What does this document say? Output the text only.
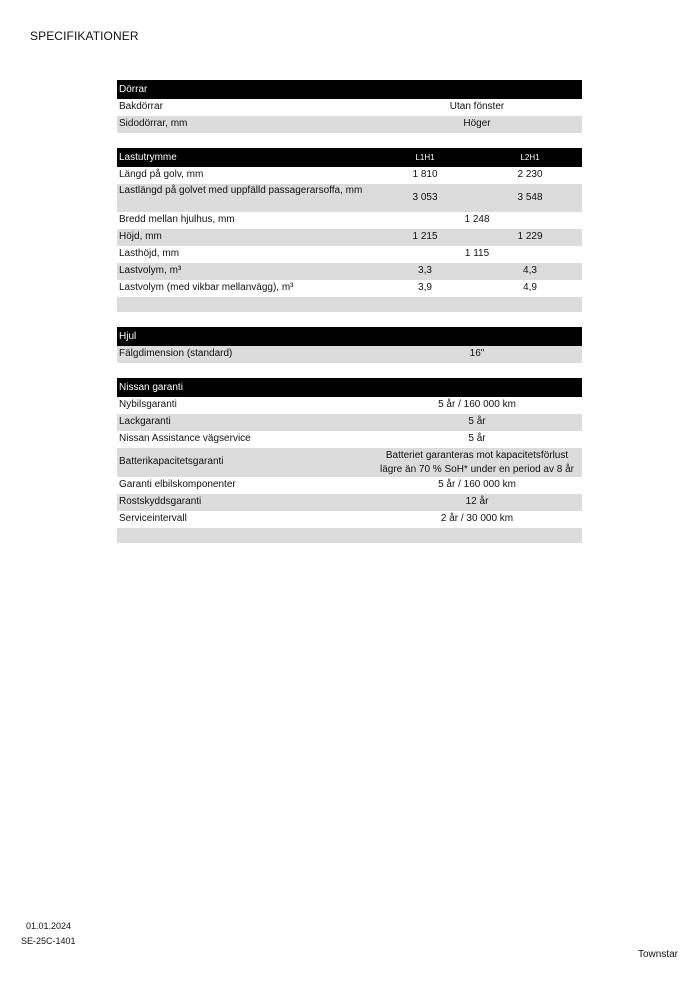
SPECIFIKATIONER
Dörrar
Bakdörrar	Utan fönster
Sidodörrar, mm	Höger
Lastutrymme	L1H1	L2H1
Längd på golv, mm	1 810	2 230
Lastlängd på golvet med uppfälld passagerarsoffa, mm
3 053	3 548
Bredd mellan hjulhus, mm	1 248
Höjd, mm	1 215	1 229
Lasthöjd, mm	1 115
Lastvolym, m³	3,3	4,3
Lastvolym (med vikbar mellanvägg), m³	3,9	4,9
Hjul
Fälgdimension (standard)	16"
Nissan garanti
Nybilsgaranti	5 år / 160 000 km
Lackgaranti	5 år
Nissan Assistance vägservice	5 år
Batterikapacitetsgaranti
Batteriet garanteras mot kapacitetsförlust
lägre än 70 % SoH* under en period av 8 år
Garanti elbilskomponenter	5 år / 160 000 km
Rostskyddsgaranti	12 år
Serviceintervall	2 år / 30 000 km
01.01.2024
SE-25C-1401
Townstar
